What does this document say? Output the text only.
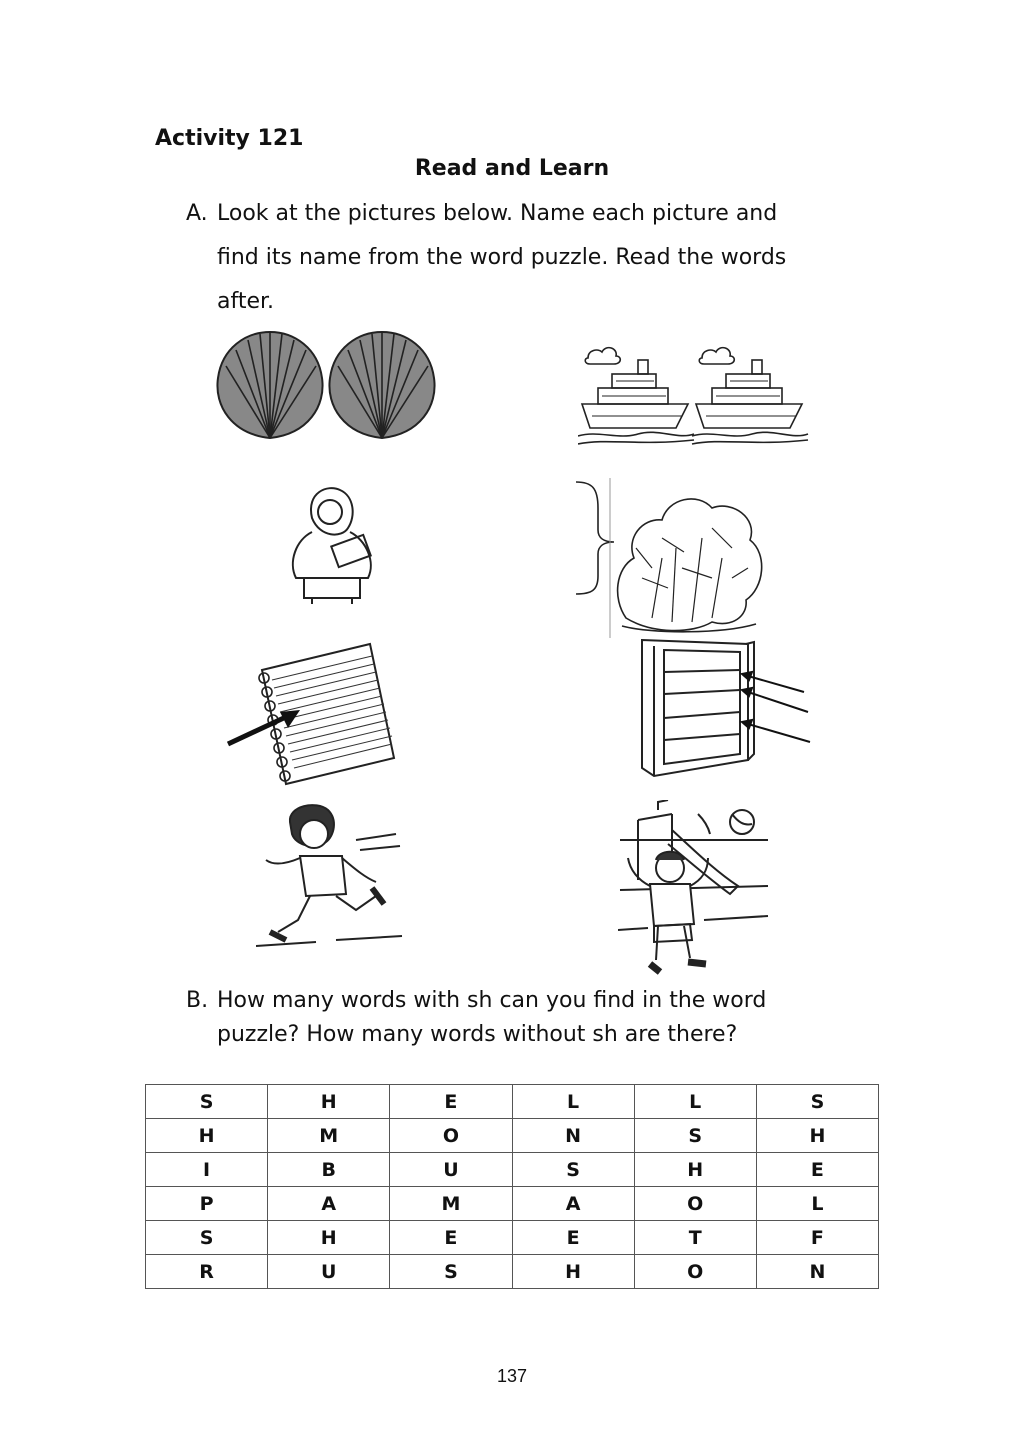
Activity 121
Read and Learn
A. Look at the pictures below. Name each picture and
find its name from the word puzzle. Read the words
after.
B. How many words with sh can you find in the word
puzzle? How many words without sh are there?
S	H	E	L	L	S
H	M	O	N	S	H
I	B	U	S	H	E
P	A	M	A	O	L
S	H	E	E	T	F
R	U	S	H	O	N
137
